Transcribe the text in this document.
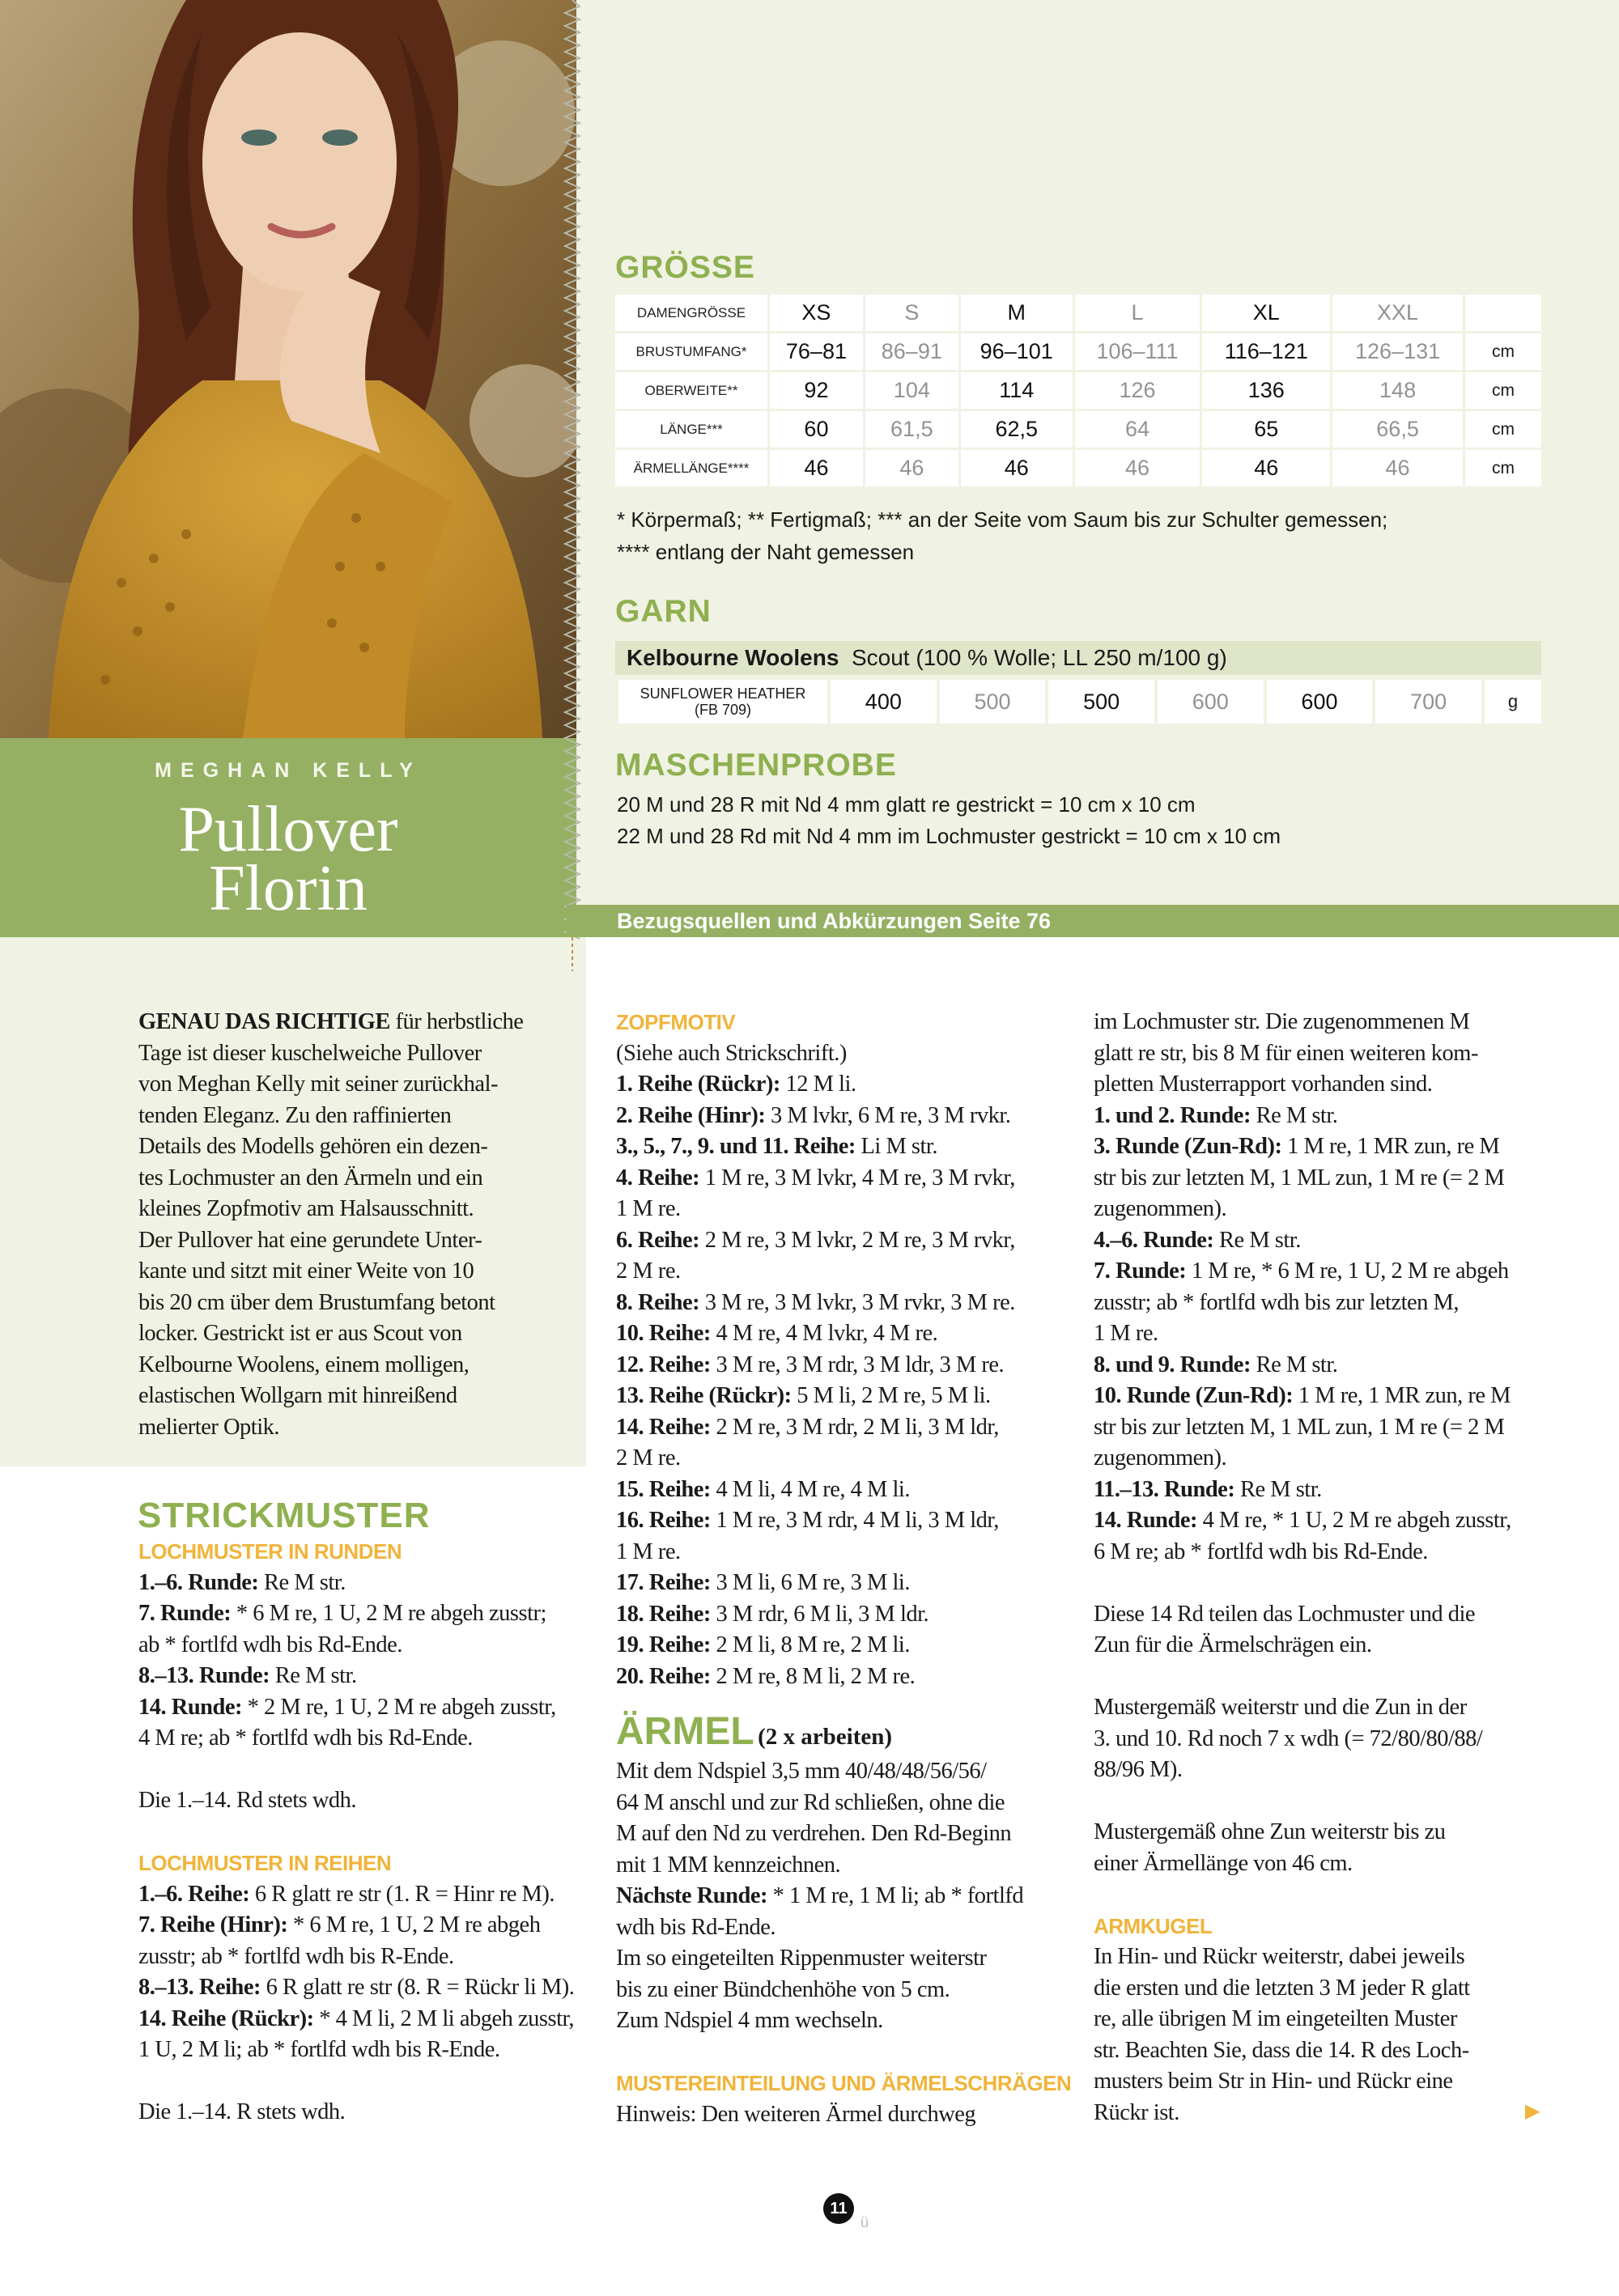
MEGHAN KELLY
Pullover
Florin
GRÖSSE
DAMENGRÖSSE	XS	S	M	L	XL	XXL	
BRUSTUMFANG*	76–81	86–91	96–101	106–111	116–121	126–131	cm
OBERWEITE**	92	104	114	126	136	148	cm
LÄNGE***	60	61,5	62,5	64	65	66,5	cm
ÄRMELLÄNGE****	46	46	46	46	46	46	cm
* Körpermaß; ** Fertigmaß; *** an der Seite vom Saum bis zur Schulter gemessen;
**** entlang der Naht gemessen
GARN
Kelbourne Woolens Scout (100 % Wolle; LL 250 m/100 g)
SUNFLOWER HEATHER
(FB 709)	400	500	500	600	600	700	g
MASCHENPROBE
20 M und 28 R mit Nd 4 mm glatt re gestrickt = 10 cm x 10 cm
22 M und 28 Rd mit Nd 4 mm im Lochmuster gestrickt = 10 cm x 10 cm
Bezugsquellen und Abkürzungen Seite 76
GENAU DAS RICHTIGE für herbstliche
Tage ist dieser kuschelweiche Pullover
von Meghan Kelly mit seiner zurückhal-
tenden Eleganz. Zu den raffinierten
Details des Modells gehören ein dezen-
tes Lochmuster an den Ärmeln und ein
kleines Zopfmotiv am Halsausschnitt.
Der Pullover hat eine gerundete Unter-
kante und sitzt mit einer Weite von 10
bis 20 cm über dem Brustumfang betont
locker. Gestrickt ist er aus Scout von
Kelbourne Woolens, einem molligen,
elastischen Wollgarn mit hinreißend
melierter Optik.
STRICKMUSTER
LOCHMUSTER IN RUNDEN
1.–6. Runde: Re M str.
7. Runde: * 6 M re, 1 U, 2 M re abgeh zusstr;
ab * fortlfd wdh bis Rd-Ende.
8.–13. Runde: Re M str.
14. Runde: * 2 M re, 1 U, 2 M re abgeh zusstr,
4 M re; ab * fortlfd wdh bis Rd-Ende.
Die 1.–14. Rd stets wdh.
LOCHMUSTER IN REIHEN
1.–6. Reihe: 6 R glatt re str (1. R = Hinr re M).
7. Reihe (Hinr): * 6 M re, 1 U, 2 M re abgeh
zusstr; ab * fortlfd wdh bis R-Ende.
8.–13. Reihe: 6 R glatt re str (8. R = Rückr li M).
14. Reihe (Rückr): * 4 M li, 2 M li abgeh zusstr,
1 U, 2 M li; ab * fortlfd wdh bis R-Ende.
Die 1.–14. R stets wdh.
ZOPFMOTIV
(Siehe auch Strickschrift.)
1. Reihe (Rückr): 12 M li.
2. Reihe (Hinr): 3 M lvkr, 6 M re, 3 M rvkr.
3., 5., 7., 9. und 11. Reihe: Li M str.
4. Reihe: 1 M re, 3 M lvkr, 4 M re, 3 M rvkr,
1 M re.
6. Reihe: 2 M re, 3 M lvkr, 2 M re, 3 M rvkr,
2 M re.
8. Reihe: 3 M re, 3 M lvkr, 3 M rvkr, 3 M re.
10. Reihe: 4 M re, 4 M lvkr, 4 M re.
12. Reihe: 3 M re, 3 M rdr, 3 M ldr, 3 M re.
13. Reihe (Rückr): 5 M li, 2 M re, 5 M li.
14. Reihe: 2 M re, 3 M rdr, 2 M li, 3 M ldr,
2 M re.
15. Reihe: 4 M li, 4 M re, 4 M li.
16. Reihe: 1 M re, 3 M rdr, 4 M li, 3 M ldr,
1 M re.
17. Reihe: 3 M li, 6 M re, 3 M li.
18. Reihe: 3 M rdr, 6 M li, 3 M ldr.
19. Reihe: 2 M li, 8 M re, 2 M li.
20. Reihe: 2 M re, 8 M li, 2 M re.
ÄRMEL (2 x arbeiten)
Mit dem Ndspiel 3,5 mm 40/48/48/56/56/
64 M anschl und zur Rd schließen, ohne die
M auf den Nd zu verdrehen. Den Rd-Beginn
mit 1 MM kennzeichnen.
Nächste Runde: * 1 M re, 1 M li; ab * fortlfd
wdh bis Rd-Ende.
Im so eingeteilten Rippenmuster weiterstr
bis zu einer Bündchenhöhe von 5 cm.
Zum Ndspiel 4 mm wechseln.
MUSTEREINTEILUNG UND ÄRMELSCHRÄGEN
Hinweis: Den weiteren Ärmel durchweg
im Lochmuster str. Die zugenommenen M
glatt re str, bis 8 M für einen weiteren kom-
pletten Musterrapport vorhanden sind.
1. und 2. Runde: Re M str.
3. Runde (Zun-Rd): 1 M re, 1 MR zun, re M
str bis zur letzten M, 1 ML zun, 1 M re (= 2 M
zugenommen).
4.–6. Runde: Re M str.
7. Runde: 1 M re, * 6 M re, 1 U, 2 M re abgeh
zusstr; ab * fortlfd wdh bis zur letzten M,
1 M re.
8. und 9. Runde: Re M str.
10. Runde (Zun-Rd): 1 M re, 1 MR zun, re M
str bis zur letzten M, 1 ML zun, 1 M re (= 2 M
zugenommen).
11.–13. Runde: Re M str.
14. Runde: 4 M re, * 1 U, 2 M re abgeh zusstr,
6 M re; ab * fortlfd wdh bis Rd-Ende.
Diese 14 Rd teilen das Lochmuster und die
Zun für die Ärmelschrägen ein.
Mustergemäß weiterstr und die Zun in der
3. und 10. Rd noch 7 x wdh (= 72/80/80/88/
88/96 M).
Mustergemäß ohne Zun weiterstr bis zu
einer Ärmellänge von 46 cm.
ARMKUGEL
In Hin- und Rückr weiterstr, dabei jeweils
die ersten und die letzten 3 M jeder R glatt
re, alle übrigen M im eingeteilten Muster
str. Beachten Sie, dass die 14. R des Loch-
musters beim Str in Hin- und Rückr eine
Rückr ist.	▶
11
ü
